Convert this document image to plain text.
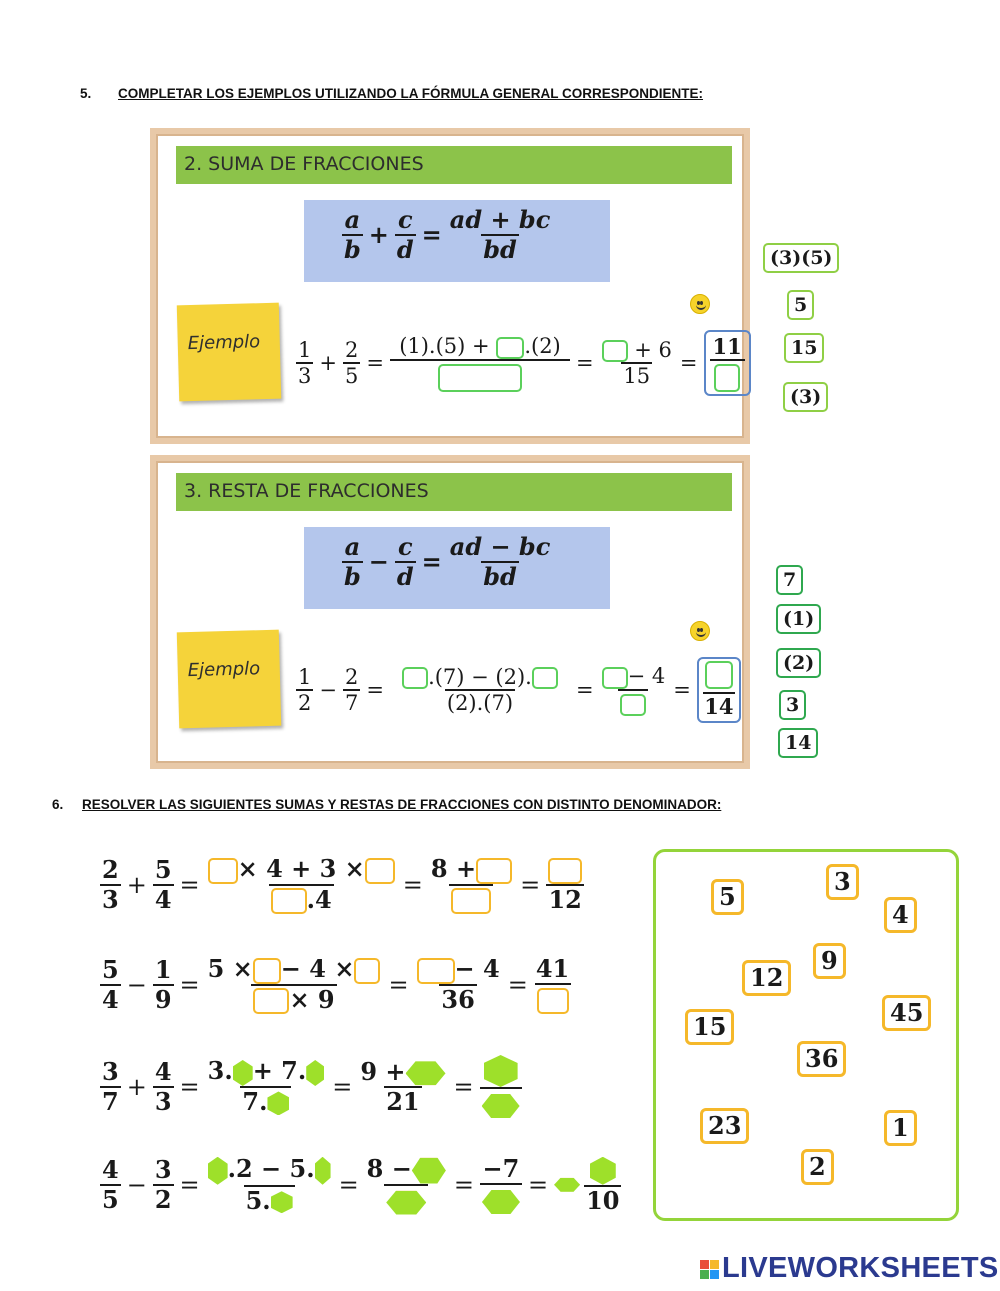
5. COMPLETAR LOS EJEMPLOS UTILIZANDO LA FÓRMULA GENERAL CORRESPONDIENTE:
2. SUMA DE FRACCIONES
$\frac{a}{b} + \frac{c}{d} = \frac{ad + bc}{bd}$
Ejemplo	$\frac{1}{3} + \frac{2}{5}$ =
(1).(5) + .(2)
= $\frac{+ 6}{15}$ =
11
(3)(5)
5
15
(3)
3. RESTA DE FRACCIONES
$\frac{a}{b} - \frac{c}{d} = \frac{ad - bc}{bd}$
Ejemplo	$\frac{1}{2} - \frac{2}{7} = \frac{.(7) - (2).}{(2).(7)}$ =
− 4
=
14
7
(1)
(2)
3
14
6. RESOLVER LAS SIGUIENTES SUMAS Y RESTAS DE FRACCIONES CON DISTINTO DENOMINADOR:
$\frac{2}{3} + \frac{5}{4} = \frac{\times 4 + 3 \times}{.4}$ =
8 +
=
12
$\frac{5}{4} - \frac{1}{9} = \frac{5 \times - 4 \times}{\times 9} = \frac{- 4}{36}$ =
41
$\frac{3}{7} + \frac{4}{3} = \frac{3. + 7.}{7.} = \frac{9 +}{21}$ =
$\frac{4}{5} - \frac{3}{2} = \frac{.2 - 5.}{5.}$ =
8 −
=
−7
=
10
5
3
4
12
9
15	45
36
23	1
2
LIVEWORKSHEETS
